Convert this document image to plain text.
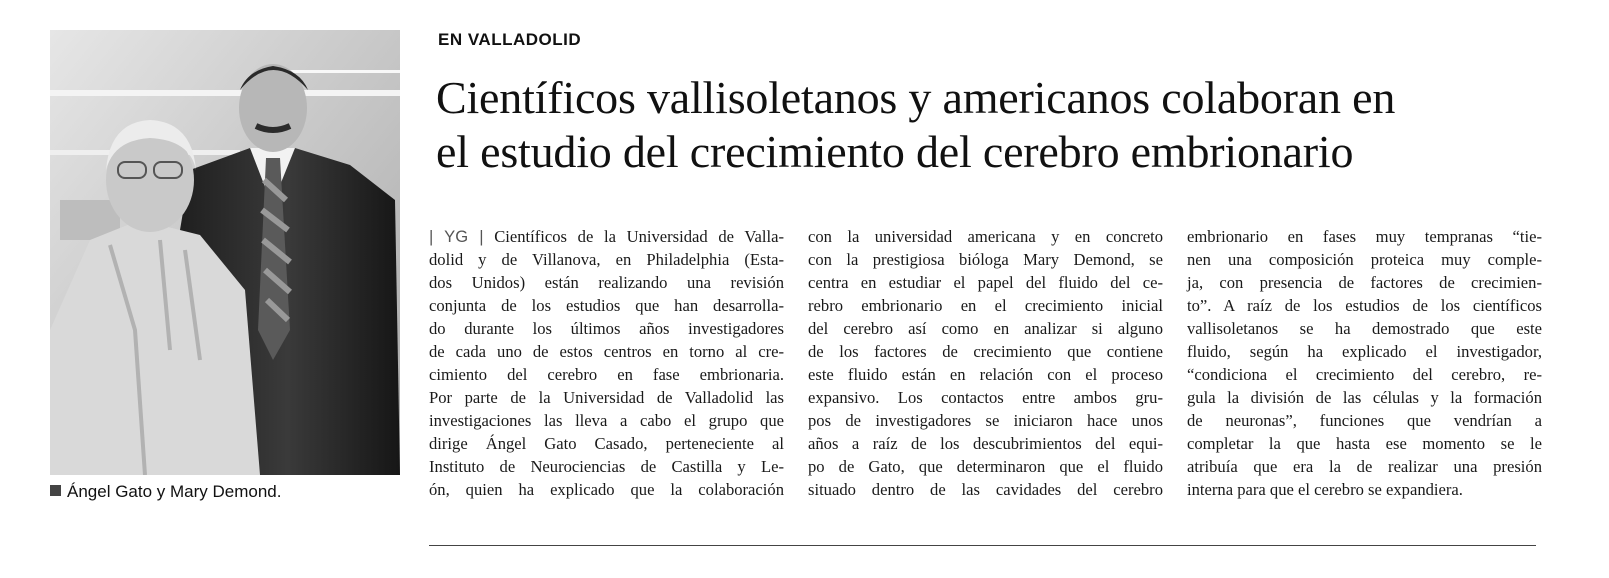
Ángel Gato y Mary Demond.
EN VALLADOLID
Científicos vallisoletanos y americanos colaboran en
el estudio del crecimiento del cerebro embrionario
| YG | Científicos de la Universidad de Valla-
dolid y de Villanova, en Philadelphia (Esta-
dos Unidos) están realizando una revisión
conjunta de los estudios que han desarrolla-
do durante los últimos años investigadores
de cada uno de estos centros en torno al cre-
cimiento del cerebro en fase embrionaria.
Por parte de la Universidad de Valladolid las
investigaciones las lleva a cabo el grupo que
dirige Ángel Gato Casado, perteneciente al
Instituto de Neurociencias de Castilla y Le-
ón, quien ha explicado que la colaboración
con la universidad americana y en concreto
con la prestigiosa bióloga Mary Demond, se
centra en estudiar el papel del fluido del ce-
rebro embrionario en el crecimiento inicial
del cerebro así como en analizar si alguno
de los factores de crecimiento que contiene
este fluido están en relación con el proceso
expansivo. Los contactos entre ambos gru-
pos de investigadores se iniciaron hace unos
años a raíz de los descubrimientos del equi-
po de Gato, que determinaron que el fluido
situado dentro de las cavidades del cerebro
embrionario en fases muy tempranas “tie-
nen una composición proteica muy comple-
ja, con presencia de factores de crecimien-
to”. A raíz de los estudios de los científicos
vallisoletanos se ha demostrado que este
fluido, según ha explicado el investigador,
“condiciona el crecimiento del cerebro, re-
gula la división de las células y la formación
de neuronas”, funciones que vendrían a
completar la que hasta ese momento se le
atribuía que era la de realizar una presión
interna para que el cerebro se expandiera.
